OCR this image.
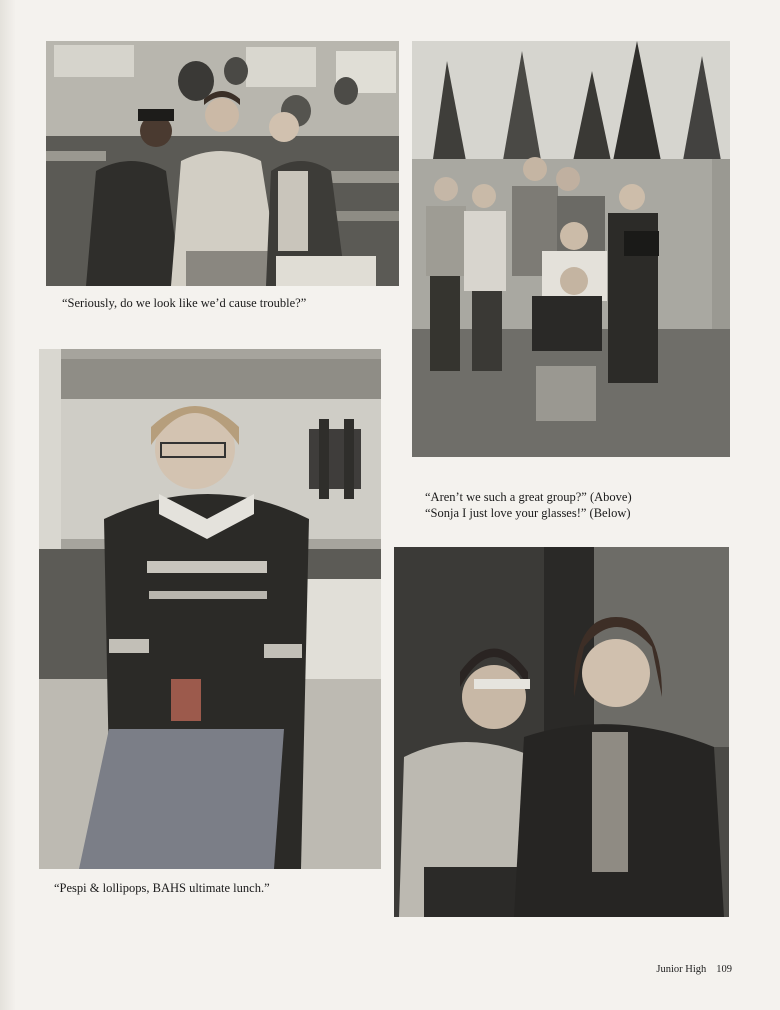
“Seriously, do we look like we’d cause trouble?”
“Aren’t we such a great group?” (Above)
“Sonja I just love your glasses!” (Below)
“Pespi & lollipops, BAHS ultimate lunch.”
Junior High 109
